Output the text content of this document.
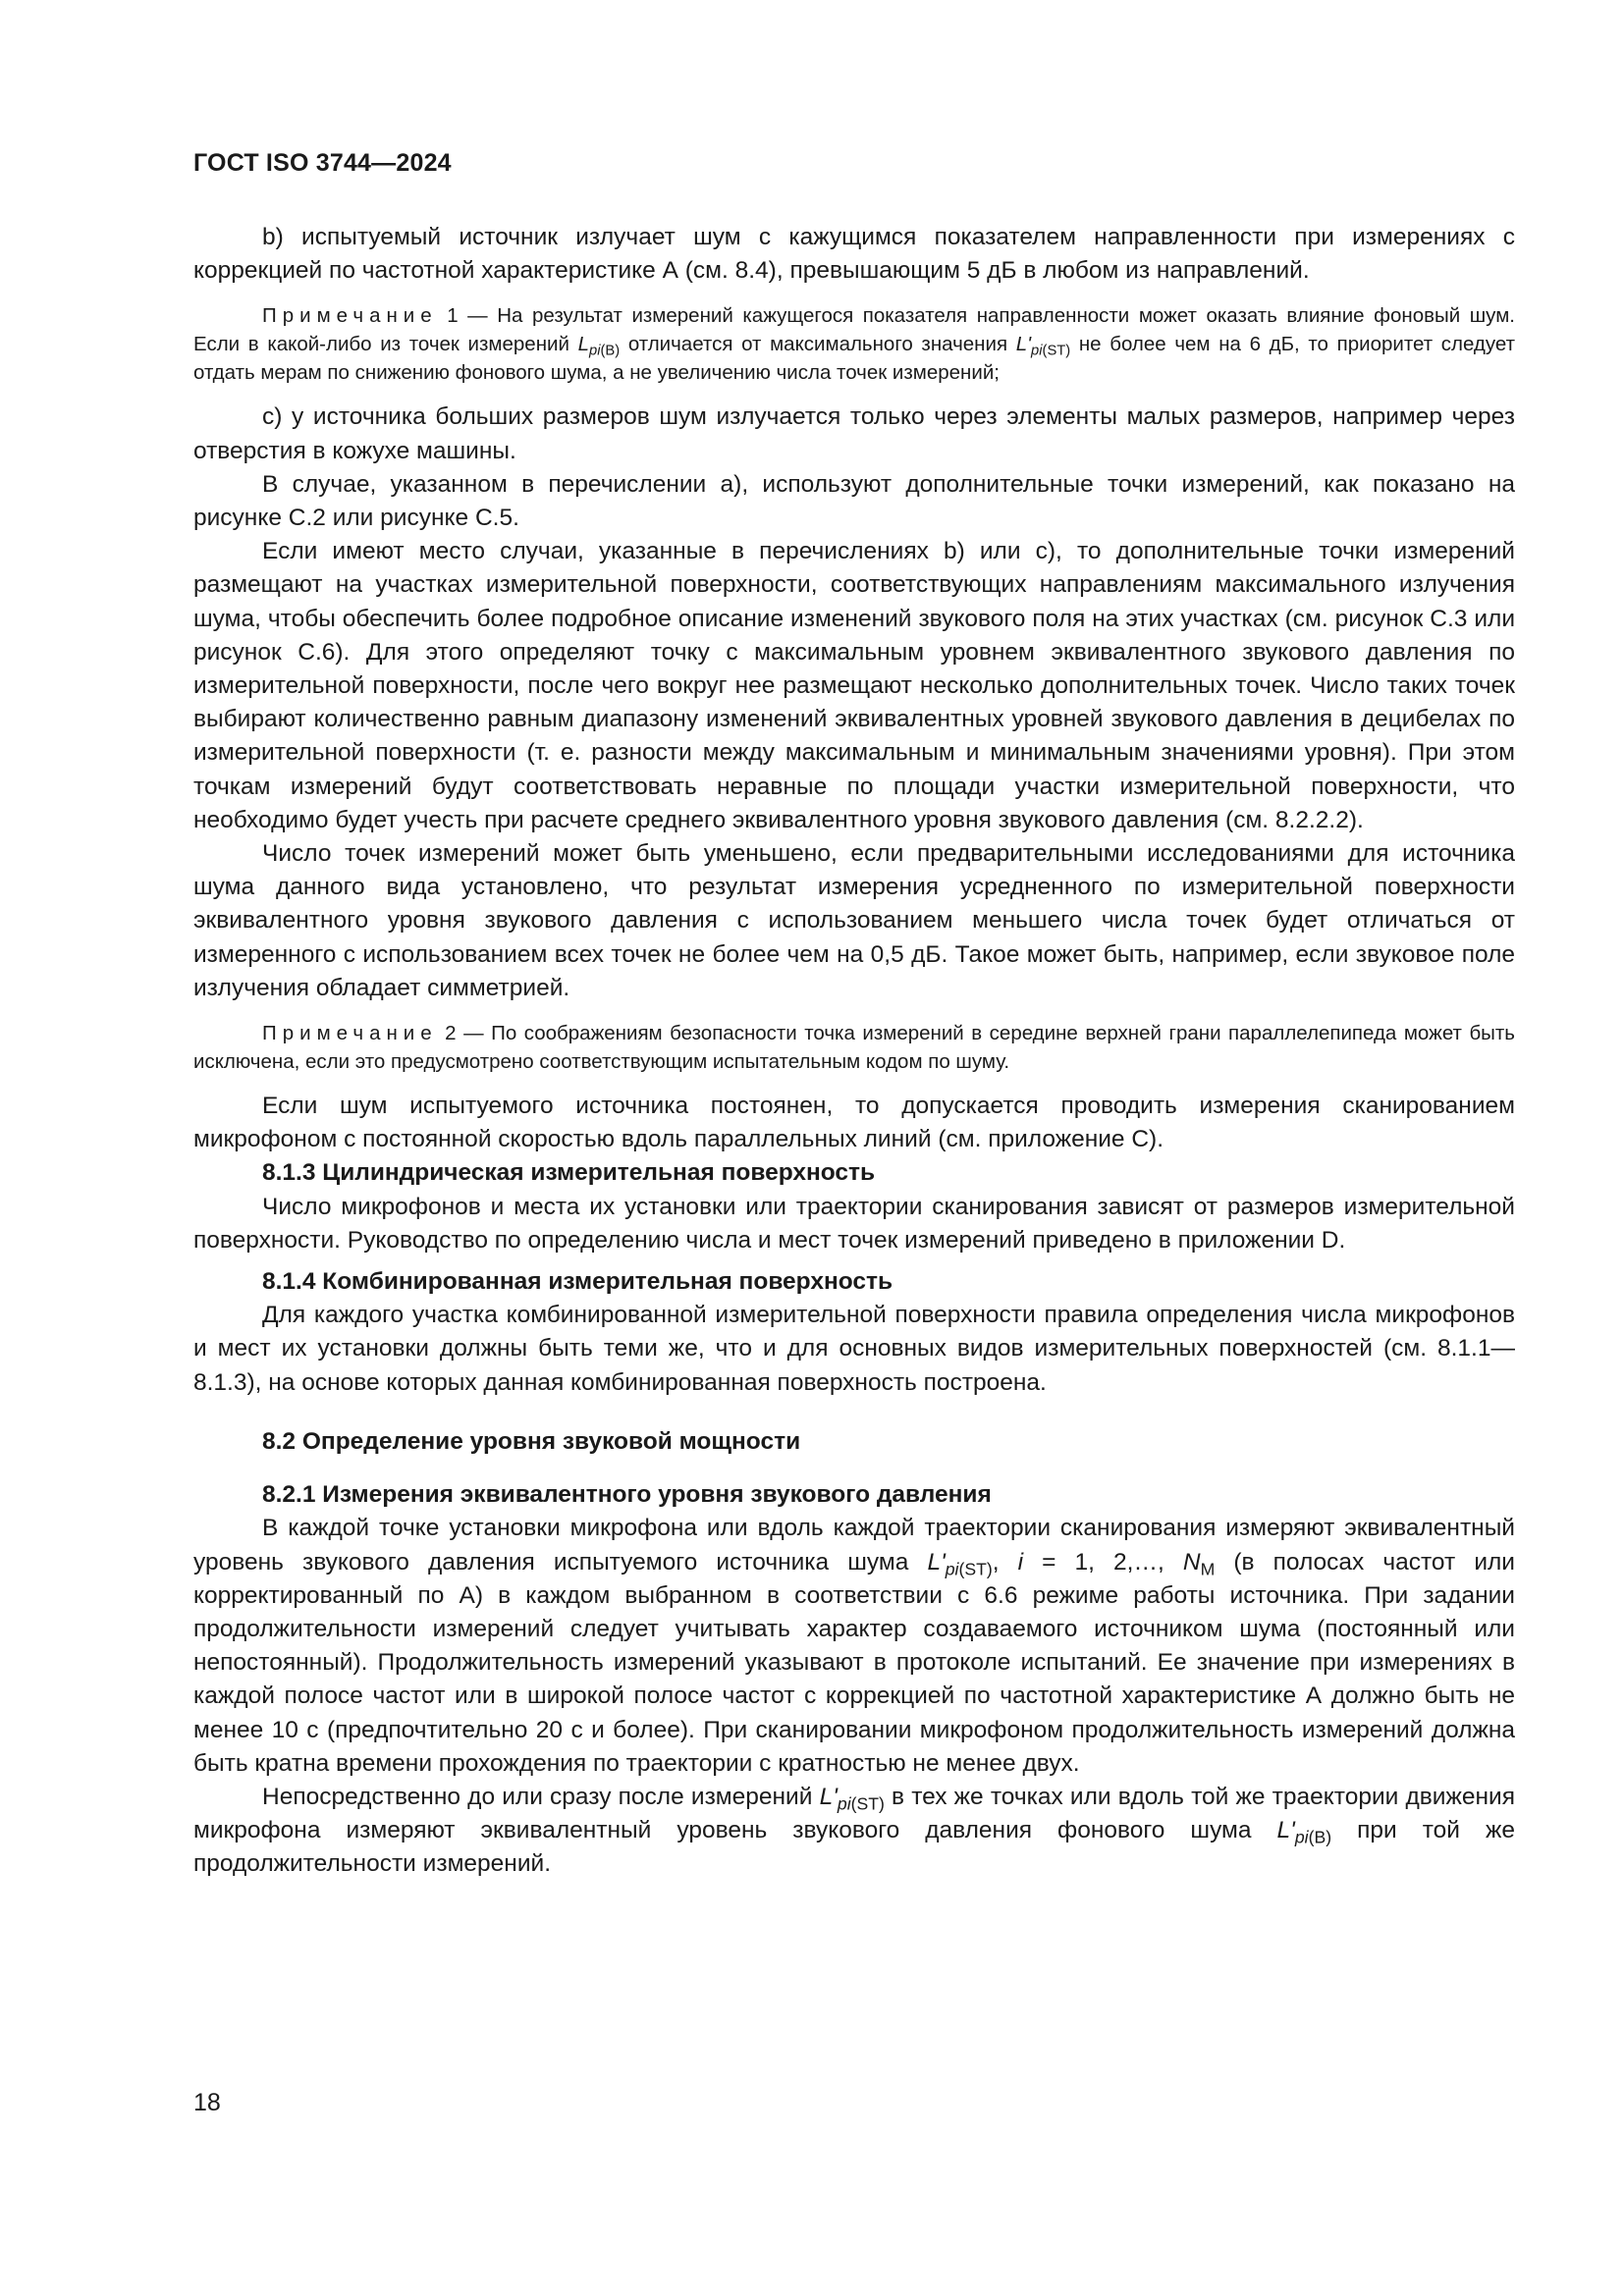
ГОСТ ISO 3744—2024

b) испытуемый источник излучает шум с кажущимся показателем направленности при измерениях с коррекцией по частотной характеристике А (см. 8.4), превышающим 5 дБ в любом из направлений.

Примечание 1 — На результат измерений кажущегося показателя направленности может оказать влияние фоновый шум. Если в какой-либо из точек измерений $L_{pi(B)}$ отличается от максимального значения $L'_{pi(ST)}$ не более чем на 6 дБ, то приоритет следует отдать мерам по снижению фонового шума, а не увеличению числа точек измерений;

c) у источника больших размеров шум излучается только через элементы малых размеров, например через отверстия в кожухе машины.

В случае, указанном в перечислении a), используют дополнительные точки измерений, как показано на рисунке С.2 или рисунке С.5.

Если имеют место случаи, указанные в перечислениях b) или c), то дополнительные точки измерений размещают на участках измерительной поверхности, соответствующих направлениям максимального излучения шума, чтобы обеспечить более подробное описание изменений звукового поля на этих участках (см. рисунок С.3 или рисунок С.6). Для этого определяют точку с максимальным уровнем эквивалентного звукового давления по измерительной поверхности, после чего вокруг нее размещают несколько дополнительных точек. Число таких точек выбирают количественно равным диапазону изменений эквивалентных уровней звукового давления в децибелах по измерительной поверхности (т. е. разности между максимальным и минимальным значениями уровня). При этом точкам измерений будут соответствовать неравные по площади участки измерительной поверхности, что необходимо будет учесть при расчете среднего эквивалентного уровня звукового давления (см. 8.2.2.2).

Число точек измерений может быть уменьшено, если предварительными исследованиями для источника шума данного вида установлено, что результат измерения усредненного по измерительной поверхности эквивалентного уровня звукового давления с использованием меньшего числа точек будет отличаться от измеренного с использованием всех точек не более чем на 0,5 дБ. Такое может быть, например, если звуковое поле излучения обладает симметрией.

Примечание 2 — По соображениям безопасности точка измерений в середине верхней грани параллелепипеда может быть исключена, если это предусмотрено соответствующим испытательным кодом по шуму.

Если шум испытуемого источника постоянен, то допускается проводить измерения сканированием микрофоном с постоянной скоростью вдоль параллельных линий (см. приложение С).

8.1.3 Цилиндрическая измерительная поверхность

Число микрофонов и места их установки или траектории сканирования зависят от размеров измерительной поверхности. Руководство по определению числа и мест точек измерений приведено в приложении D.

8.1.4 Комбинированная измерительная поверхность

Для каждого участка комбинированной измерительной поверхности правила определения числа микрофонов и мест их установки должны быть теми же, что и для основных видов измерительных поверхностей (см. 8.1.1—8.1.3), на основе которых данная комбинированная поверхность построена.

8.2 Определение уровня звуковой мощности

8.2.1 Измерения эквивалентного уровня звукового давления

В каждой точке установки микрофона или вдоль каждой траектории сканирования измеряют эквивалентный уровень звукового давления испытуемого источника шума $L'_{pi(ST)}$, i = 1, 2,…, $N_M$ (в полосах частот или корректированный по А) в каждом выбранном в соответствии с 6.6 режиме работы источника. При задании продолжительности измерений следует учитывать характер создаваемого источником шума (постоянный или непостоянный). Продолжительность измерений указывают в протоколе испытаний. Ее значение при измерениях в каждой полосе частот или в широкой полосе частот с коррекцией по частотной характеристике А должно быть не менее 10 с (предпочтительно 20 с и более). При сканировании микрофоном продолжительность измерений должна быть кратна времени прохождения по траектории с кратностью не менее двух.

Непосредственно до или сразу после измерений $L'_{pi(ST)}$ в тех же точках или вдоль той же траектории движения микрофона измеряют эквивалентный уровень звукового давления фонового шума $L'_{pi(B)}$ при той же продолжительности измерений.

18
